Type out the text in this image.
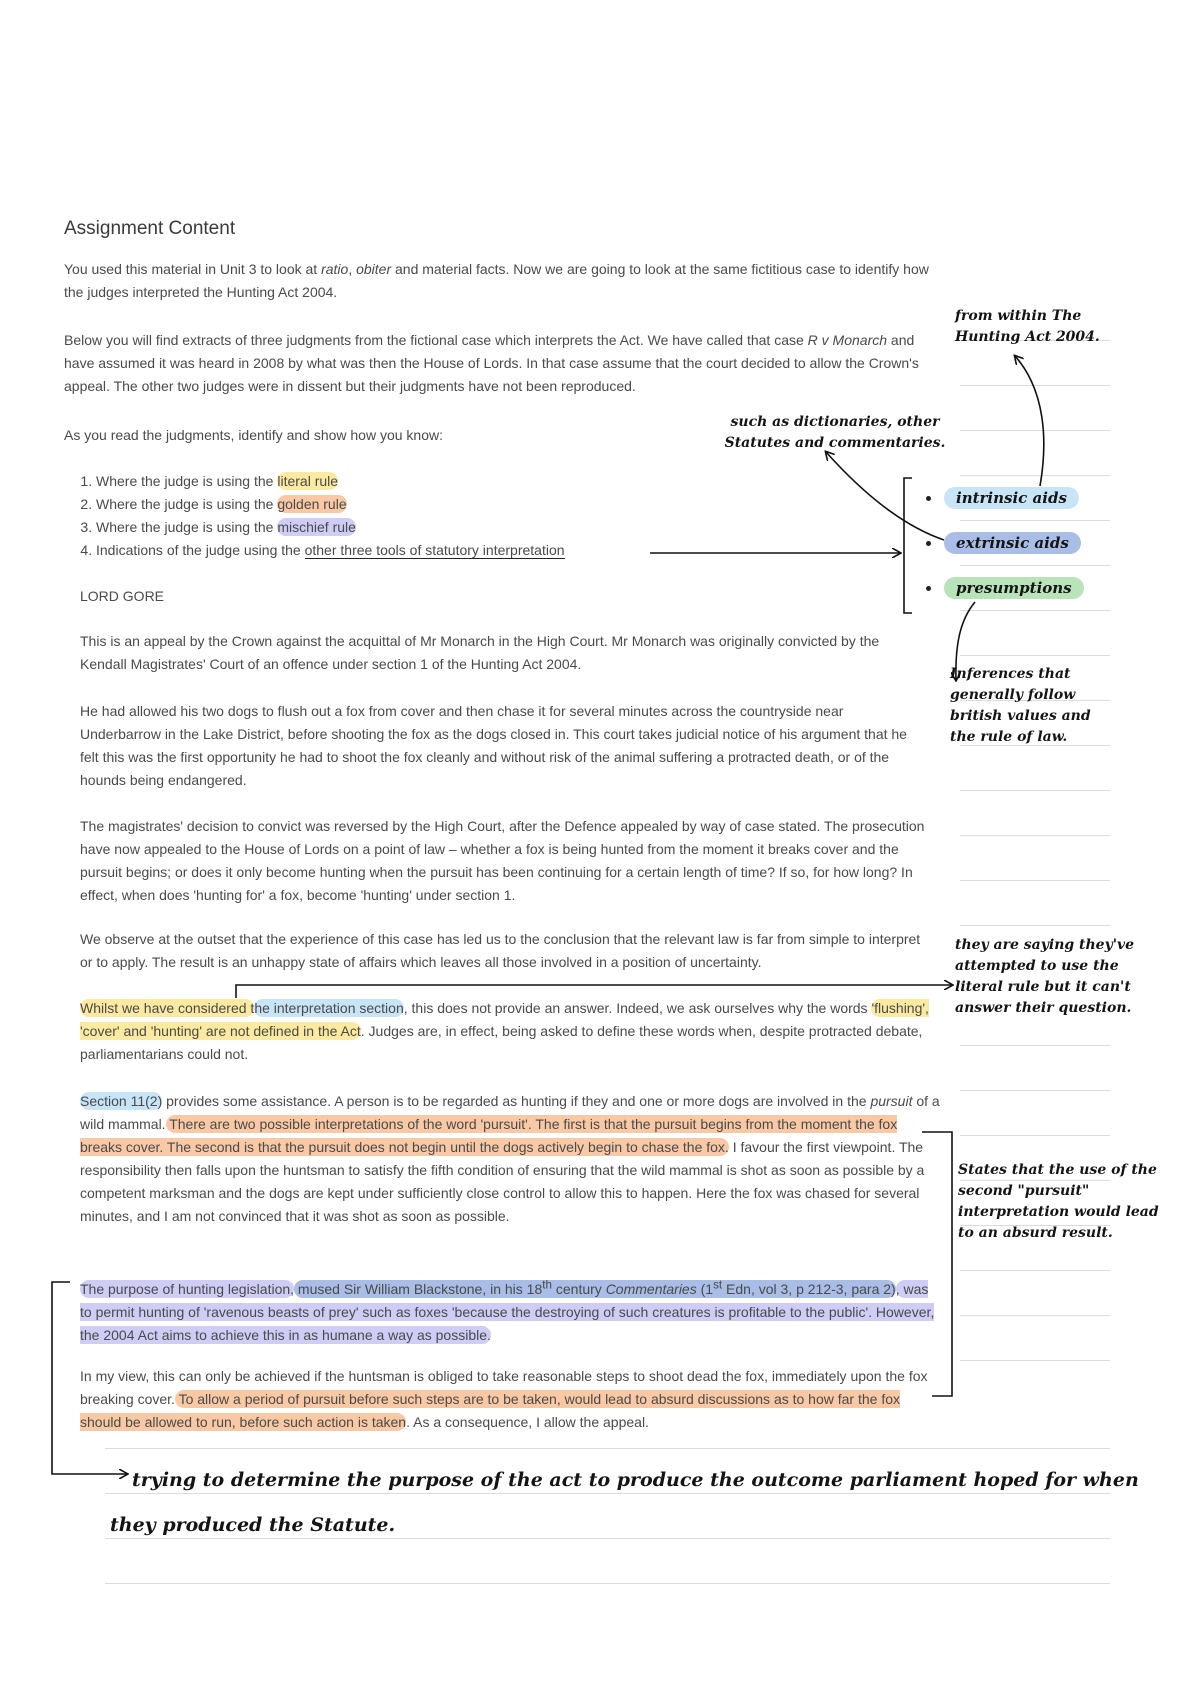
Assignment Content
You used this material in Unit 3 to look at ratio, obiter and material facts. Now we are going to look at the same fictitious case to identify how the judges interpreted the Hunting Act 2004.
Below you will find extracts of three judgments from the fictional case which interprets the Act. We have called that case R v Monarch and have assumed it was heard in 2008 by what was then the House of Lords. In that case assume that the court decided to allow the Crown's appeal. The other two judges were in dissent but their judgments have not been reproduced.
As you read the judgments, identify and show how you know:
1. Where the judge is using the literal rule
2. Where the judge is using the golden rule
3. Where the judge is using the mischief rule
4. Indications of the judge using the other three tools of statutory interpretation
LORD GORE
This is an appeal by the Crown against the acquittal of Mr Monarch in the High Court. Mr Monarch was originally convicted by the Kendall Magistrates' Court of an offence under section 1 of the Hunting Act 2004.
He had allowed his two dogs to flush out a fox from cover and then chase it for several minutes across the countryside near Underbarrow in the Lake District, before shooting the fox as the dogs closed in. This court takes judicial notice of his argument that he felt this was the first opportunity he had to shoot the fox cleanly and without risk of the animal suffering a protracted death, or of the hounds being endangered.
The magistrates' decision to convict was reversed by the High Court, after the Defence appealed by way of case stated. The prosecution have now appealed to the House of Lords on a point of law – whether a fox is being hunted from the moment it breaks cover and the pursuit begins; or does it only become hunting when the pursuit has been continuing for a certain length of time? If so, for how long? In effect, when does 'hunting for' a fox, become 'hunting' under section 1.
We observe at the outset that the experience of this case has led us to the conclusion that the relevant law is far from simple to interpret or to apply. The result is an unhappy state of affairs which leaves all those involved in a position of uncertainty.
Whilst we have considered the interpretation section, this does not provide an answer. Indeed, we ask ourselves why the words 'flushing', 'cover' and 'hunting' are not defined in the Act. Judges are, in effect, being asked to define these words when, despite protracted debate, parliamentarians could not.
Section 11(2) provides some assistance. A person is to be regarded as hunting if they and one or more dogs are involved in the pursuit of a wild mammal. There are two possible interpretations of the word 'pursuit'. The first is that the pursuit begins from the moment the fox breaks cover. The second is that the pursuit does not begin until the dogs actively begin to chase the fox. I favour the first viewpoint. The responsibility then falls upon the huntsman to satisfy the fifth condition of ensuring that the wild mammal is shot as soon as possible by a competent marksman and the dogs are kept under sufficiently close control to allow this to happen. Here the fox was chased for several minutes, and I am not convinced that it was shot as soon as possible.
The purpose of hunting legislation, mused Sir William Blackstone, in his 18th century Commentaries (1st Edn, vol 3, p 212-3, para 2), was to permit hunting of 'ravenous beasts of prey' such as foxes 'because the destroying of such creatures is profitable to the public'. However, the 2004 Act aims to achieve this in as humane a way as possible.
In my view, this can only be achieved if the huntsman is obliged to take reasonable steps to shoot dead the fox, immediately upon the fox breaking cover. To allow a period of pursuit before such steps are to be taken, would lead to absurd discussions as to how far the fox should be allowed to run, before such action is taken. As a consequence, I allow the appeal.
intrinsic aids
extrinsic aids
presumptions
from within The Hunting Act 2004.
such as dictionaries, other Statutes and commentaries.
Inferences that generally follow british values and the rule of law.
they are saying they've attempted to use the literal rule but it can't answer their question.
States that the use of the second "pursuit" interpretation would lead to an absurd result.
trying to determine the purpose of the act to produce the outcome parliament hoped for when
they produced the Statute.
